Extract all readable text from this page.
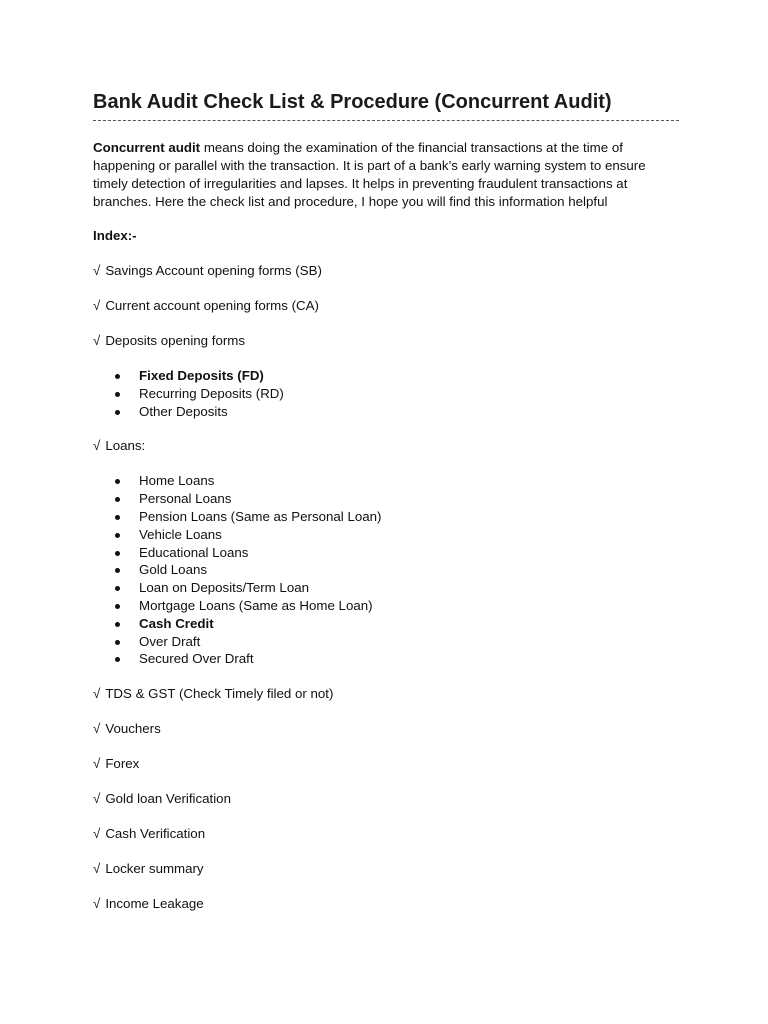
Bank Audit Check List & Procedure (Concurrent Audit)

Concurrent audit means doing the examination of the financial transactions at the time of happening or parallel with the transaction. It is part of a bank’s early warning system to ensure timely detection of irregularities and lapses. It helps in preventing fraudulent transactions at branches. Here the check list and procedure, I hope you will find this information helpful

Index:-
√ Savings Account opening forms (SB)
√ Current account opening forms (CA)
√ Deposits opening forms
Fixed Deposits (FD)
Recurring Deposits (RD)
Other Deposits
√ Loans:
Home Loans
Personal Loans
Pension Loans (Same as Personal Loan)
Vehicle Loans
Educational Loans
Gold Loans
Loan on Deposits/Term Loan
Mortgage Loans (Same as Home Loan)
Cash Credit
Over Draft
Secured Over Draft
√ TDS & GST (Check Timely filed or not)
√ Vouchers
√ Forex
√ Gold loan Verification
√ Cash Verification
√ Locker summary
√ Income Leakage
